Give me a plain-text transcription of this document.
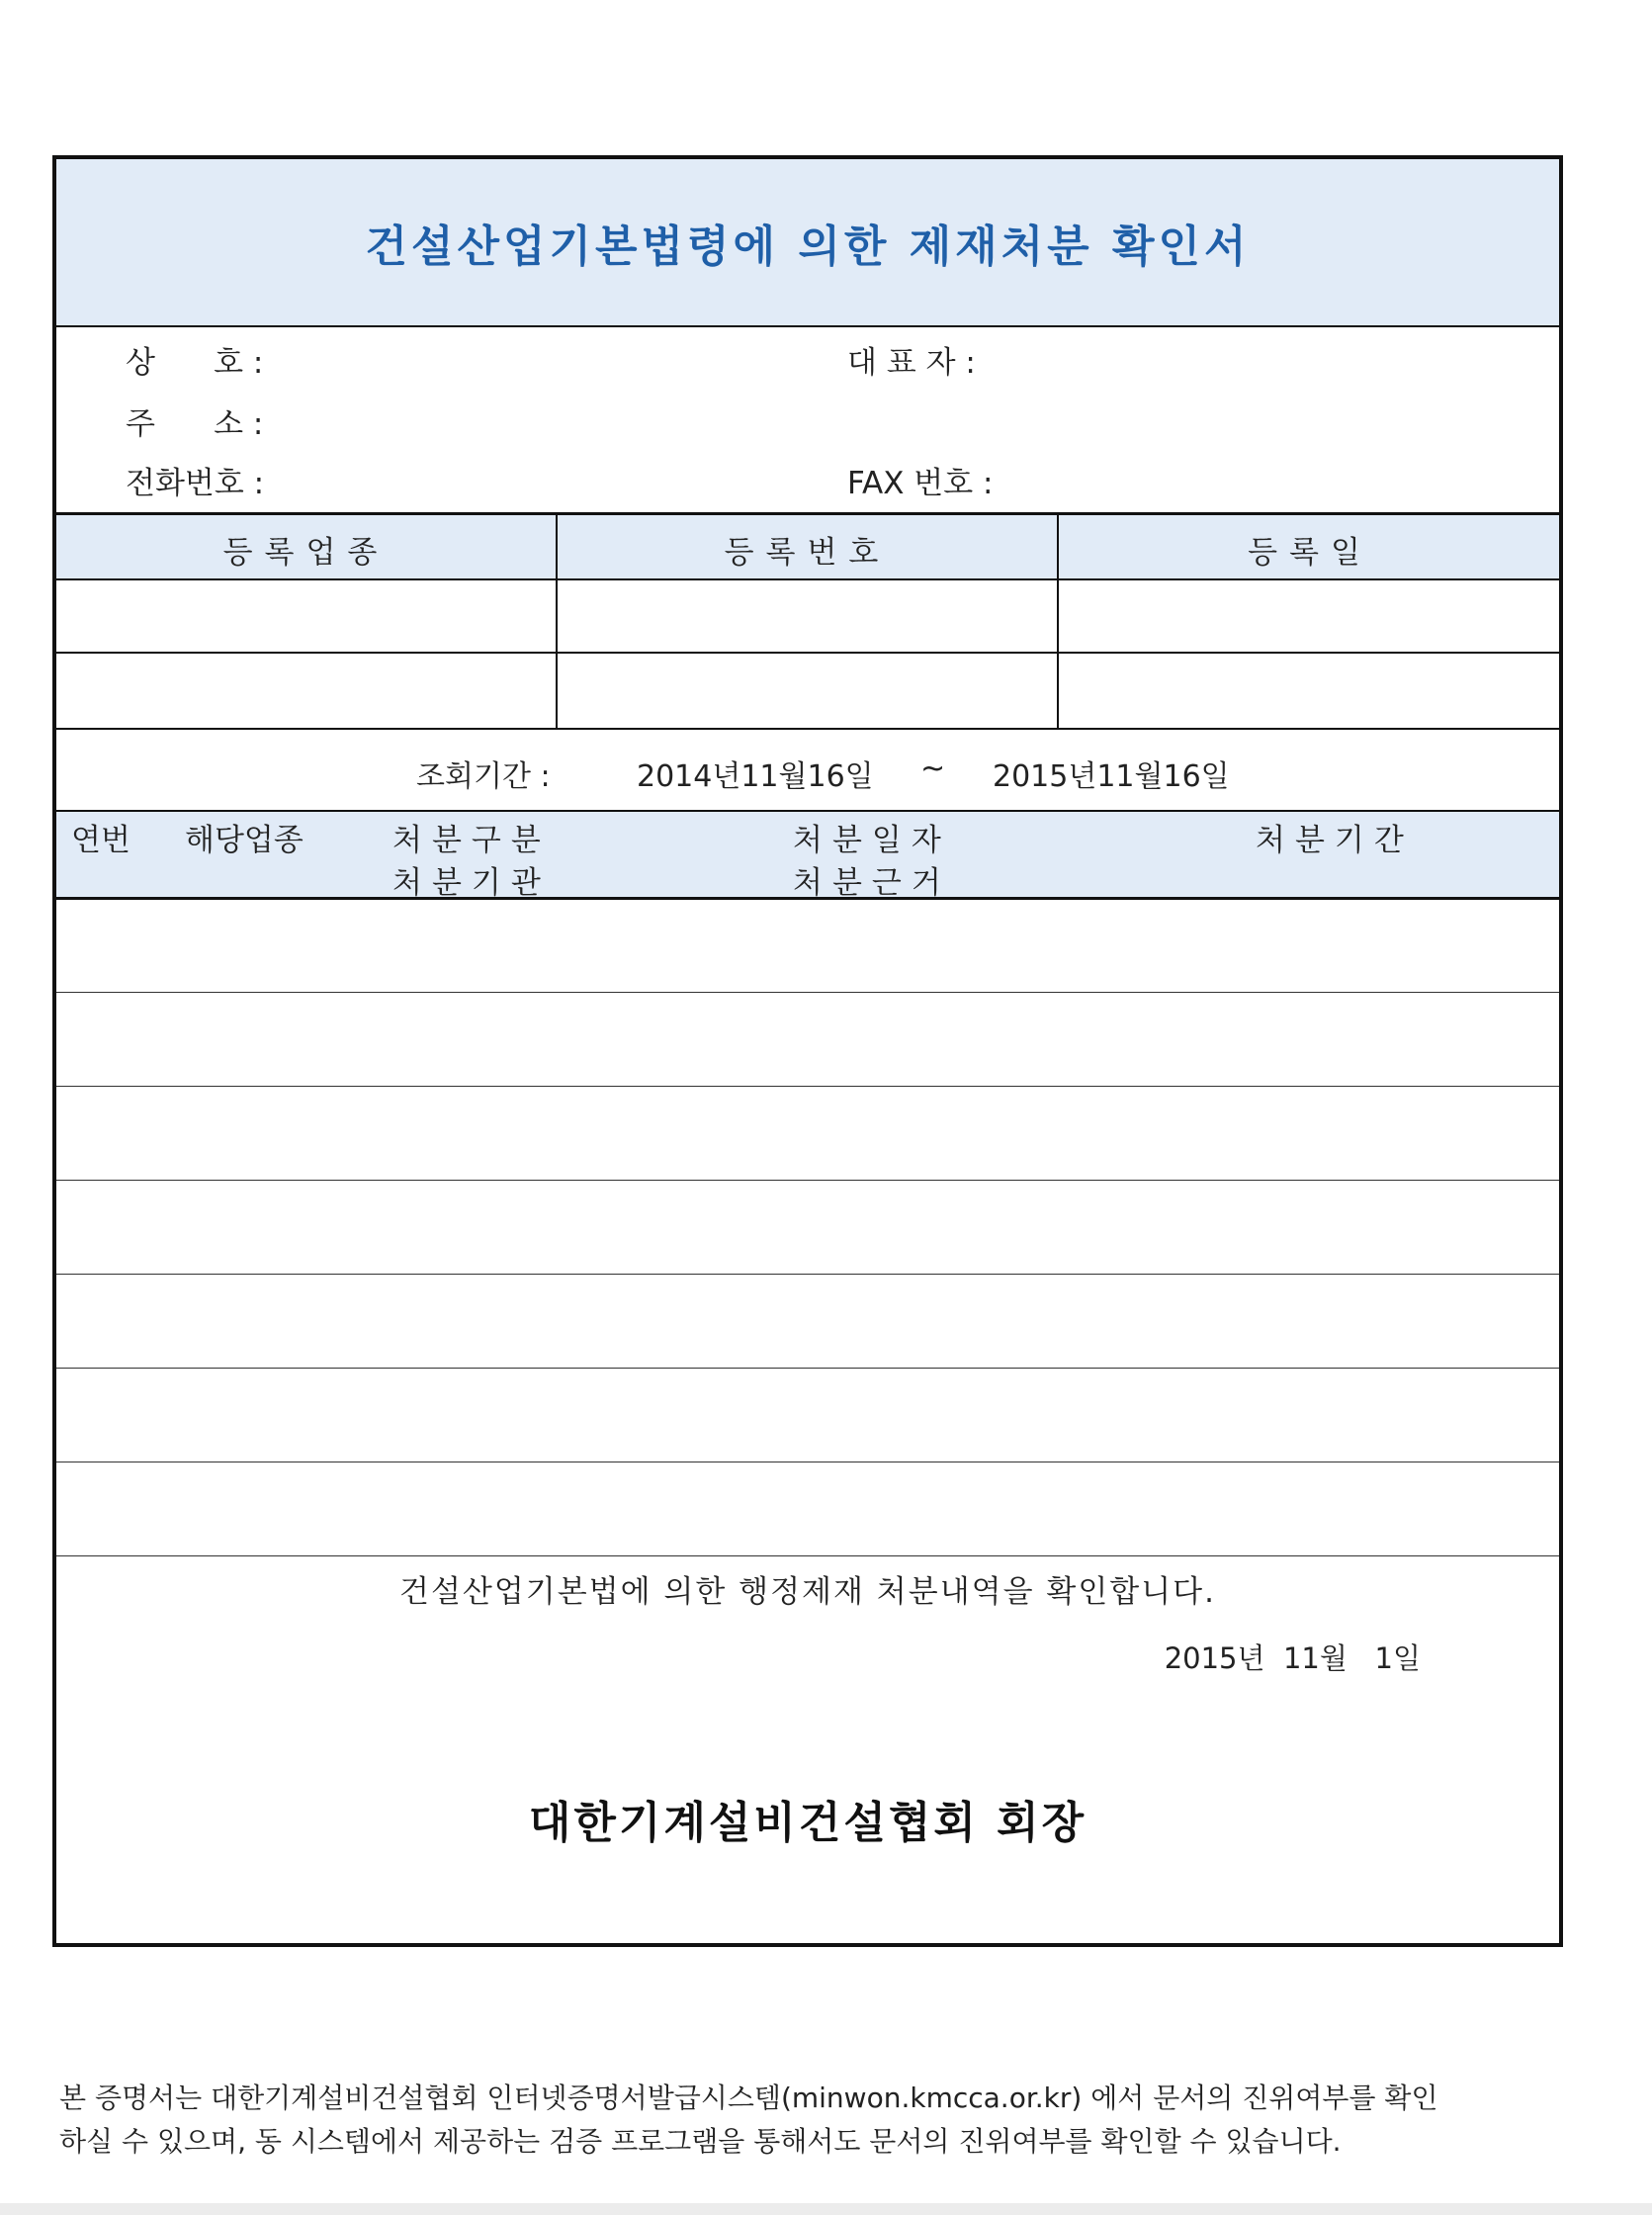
건설산업기본법령에 의한 제재처분 확인서
상      호 :	대 표 자 :
주      소 :
전화번호 :	FAX 번호 :
등록업종	등록번호	등록일
조회기간 :	2014년11월16일 ~ 2015년11월16일
연번 해당업종	처분구분	처분일자	처분기간
처분기관	처분근거
건설산업기본법에 의한 행정제재 처분내역을 확인합니다.
2015년  11월   1일
대한기계설비건설협회 회장
본 증명서는 대한기계설비건설협회 인터넷증명서발급시스템(minwon.kmcca.or.kr) 에서 문서의 진위여부를 확인
하실 수 있으며, 동 시스템에서 제공하는 검증 프로그램을 통해서도 문서의 진위여부를 확인할 수 있습니다.
